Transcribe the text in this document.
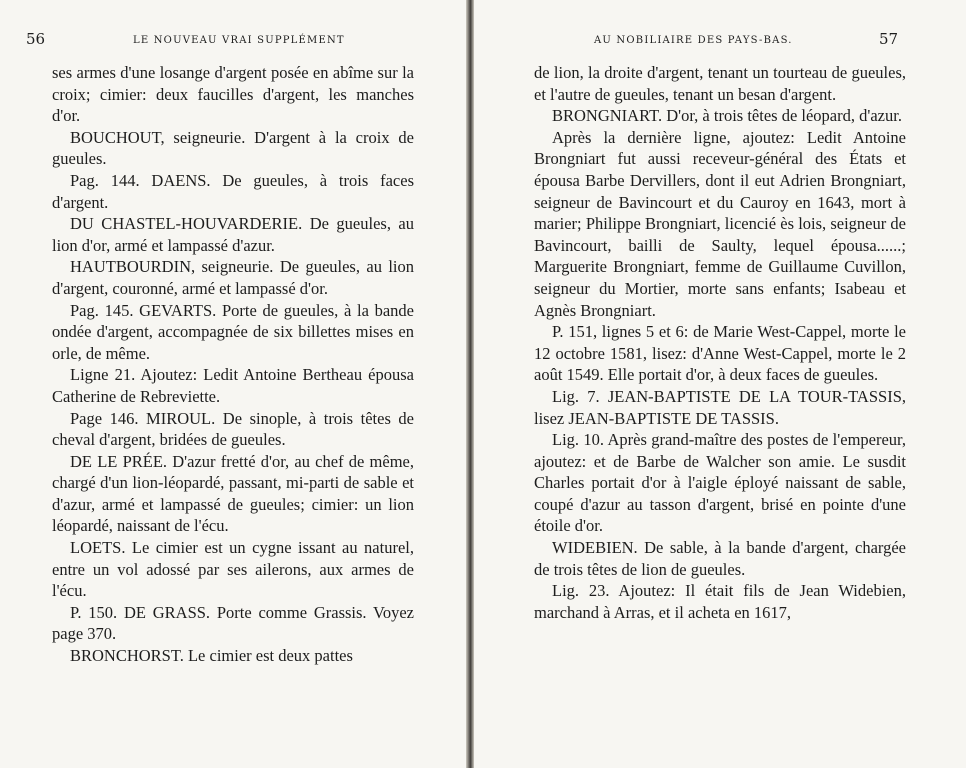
56	LE NOUVEAU VRAI SUPPLÉMENT

ses armes d'une losange d'argent posée en abîme sur la croix; cimier: deux faucilles d'argent, les manches d'or.

BOUCHOUT, seigneurie. D'argent à la croix de gueules.

Pag. 144. DAENS. De gueules, à trois faces d'argent.

DU CHASTEL-HOUVARDERIE. De gueules, au lion d'or, armé et lampassé d'azur.

HAUTBOURDIN, seigneurie. De gueules, au lion d'argent, couronné, armé et lampassé d'or.

Pag. 145. GEVARTS. Porte de gueules, à la bande ondée d'argent, accompagnée de six billettes mises en orle, de même.

Ligne 21. Ajoutez: Ledit Antoine Bertheau épousa Catherine de Rebreviette.

Page 146. MIROUL. De sinople, à trois têtes de cheval d'argent, bridées de gueules.

DE LE PRÉE. D'azur fretté d'or, au chef de même, chargé d'un lion-léopardé, passant, mi-parti de sable et d'azur, armé et lampassé de gueules; cimier: un lion léopardé, naissant de l'écu.

LOETS. Le cimier est un cygne issant au naturel, entre un vol adossé par ses ailerons, aux armes de l'écu.

P. 150. DE GRASS. Porte comme Grassis. Voyez page 370.

BRONCHORST. Le cimier est deux pattes

AU NOBILIAIRE DES PAYS-BAS.	57

de lion, la droite d'argent, tenant un tourteau de gueules, et l'autre de gueules, tenant un besan d'argent.

BRONGNIART. D'or, à trois têtes de léopard, d'azur.

Après la dernière ligne, ajoutez: Ledit Antoine Brongniart fut aussi receveur-général des États et épousa Barbe Dervillers, dont il eut Adrien Brongniart, seigneur de Bavincourt et du Cauroy en 1643, mort à marier; Philippe Brongniart, licencié ès lois, seigneur de Bavincourt, bailli de Saulty, lequel épousa......; Marguerite Brongniart, femme de Guillaume Cuvillon, seigneur du Mortier, morte sans enfants; Isabeau et Agnès Brongniart.

P. 151, lignes 5 et 6: de Marie West-Cappel, morte le 12 octobre 1581, lisez: d'Anne West-Cappel, morte le 2 août 1549. Elle portait d'or, à deux faces de gueules.

Lig. 7. JEAN-BAPTISTE DE LA TOUR-TASSIS, lisez JEAN-BAPTISTE DE TASSIS.

Lig. 10. Après grand-maître des postes de l'empereur, ajoutez: et de Barbe de Walcher son amie. Le susdit Charles portait d'or à l'aigle éployé naissant de sable, coupé d'azur au tasson d'argent, brisé en pointe d'une étoile d'or.

WIDEBIEN. De sable, à la bande d'argent, chargée de trois têtes de lion de gueules.

Lig. 23. Ajoutez: Il était fils de Jean Widebien, marchand à Arras, et il acheta en 1617,
